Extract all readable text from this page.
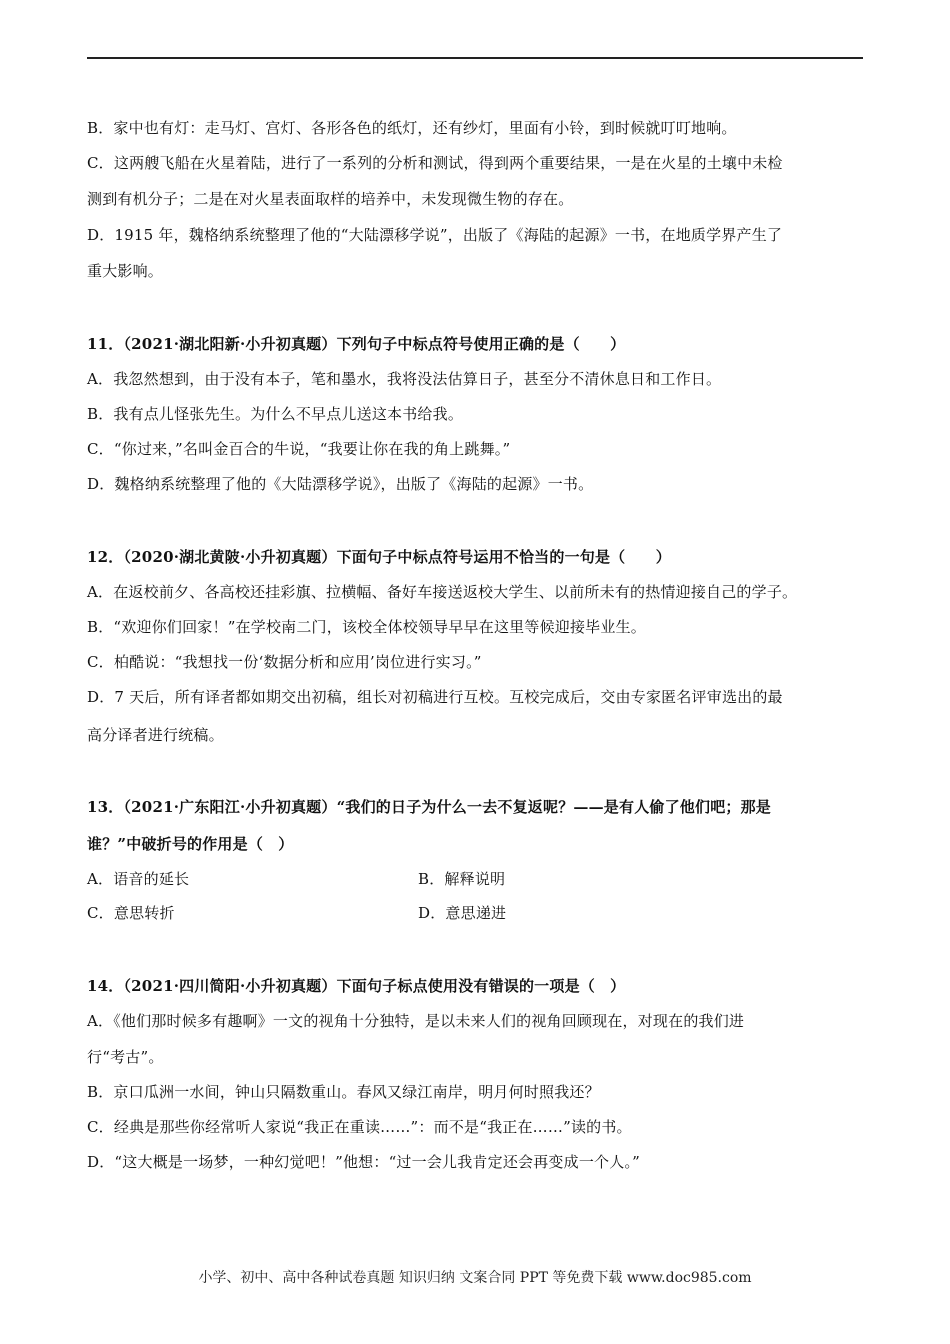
B．家中也有灯：走马灯、宫灯、各形各色的纸灯，还有纱灯，里面有小铃，到时候就叮叮地响。
C．这两艘飞船在火星着陆，进行了一系列的分析和测试，得到两个重要结果，一是在火星的土壤中未检
测到有机分子；二是在对火星表面取样的培养中，未发现微生物的存在。
D．1915 年，魏格纳系统整理了他的“大陆漂移学说”，出版了《海陆的起源》一书，在地质学界产生了
重大影响。
11．（2021·湖北阳新·小升初真题）下列句子中标点符号使用正确的是（　　）
A．我忽然想到，由于没有本子，笔和墨水，我将没法估算日子，甚至分不清休息日和工作日。
B．我有点儿怪张先生。为什么不早点儿送这本书给我。
C．“你过来，”名叫金百合的牛说，“我要让你在我的角上跳舞。”
D．魏格纳系统整理了他的《大陆漂移学说》，出版了《海陆的起源》一书。
12．（2020·湖北黄陂·小升初真题）下面句子中标点符号运用不恰当的一句是（　　）
A．在返校前夕、各高校还挂彩旗、拉横幅、备好车接送返校大学生、以前所未有的热情迎接自己的学子。
B．“欢迎你们回家！”在学校南二门，该校全体校领导早早在这里等候迎接毕业生。
C．柏酷说：“我想找一份‘数据分析和应用’岗位进行实习。”
D．7 天后，所有译者都如期交出初稿，组长对初稿进行互校。互校完成后，交由专家匿名评审选出的最
高分译者进行统稿。
13．（2021·广东阳江·小升初真题）“我们的日子为什么一去不复返呢？——是有人偷了他们吧；那是
谁？”中破折号的作用是（　）
A．语音的延长	B．解释说明
C．意思转折	D．意思递进
14．（2021·四川简阳·小升初真题）下面句子标点使用没有错误的一项是（　）
A．《他们那时候多有趣啊》一文的视角十分独特，是以未来人们的视角回顾现在，对现在的我们进
行“考古”。
B．京口瓜洲一水间，钟山只隔数重山。春风又绿江南岸，明月何时照我还？
C．经典是那些你经常听人家说“我正在重读……”：而不是“我正在……”读的书。
D．“这大概是一场梦，一种幻觉吧！”他想：“过一会儿我肯定还会再变成一个人。”
小学、初中、高中各种试卷真题 知识归纳 文案合同 PPT 等免费下载 www.doc985.com
